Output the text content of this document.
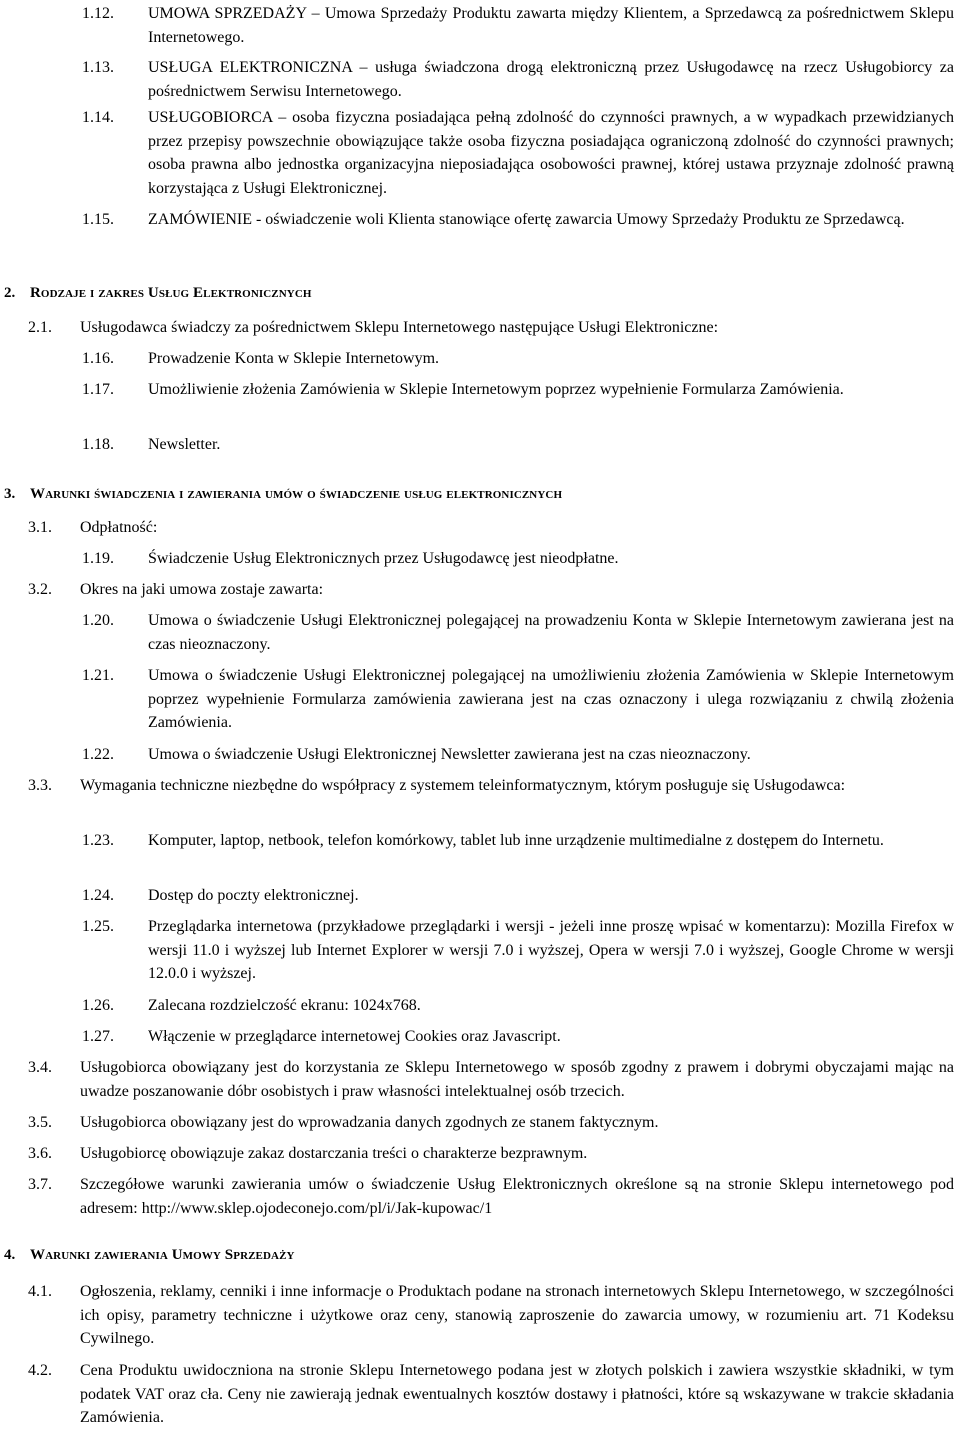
1.12.	UMOWA SPRZEDAŻY – Umowa Sprzedaży Produktu zawarta między Klientem, a Sprzedawcą za pośrednictwem Sklepu Internetowego.
1.13.	USŁUGA ELEKTRONICZNA – usługa świadczona drogą elektroniczną przez Usługodawcę na rzecz Usługobiorcy za pośrednictwem Serwisu Internetowego.
1.14.	USŁUGOBIORCA – osoba fizyczna posiadająca pełną zdolność do czynności prawnych, a w wypadkach przewidzianych przez przepisy powszechnie obowiązujące także osoba fizyczna posiadająca ograniczoną zdolność do czynności prawnych; osoba prawna albo jednostka organizacyjna nieposiadająca osobowości prawnej, której ustawa przyznaje zdolność prawną korzystająca z Usługi Elektronicznej.
1.15.	ZAMÓWIENIE - oświadczenie woli Klienta stanowiące ofertę zawarcia Umowy Sprzedaży Produktu ze Sprzedawcą.
2. Rodzaje i zakres Usług Elektronicznych
2.1.	Usługodawca świadczy za pośrednictwem Sklepu Internetowego następujące Usługi Elektroniczne:
1.16.	Prowadzenie Konta w Sklepie Internetowym.
1.17.	Umożliwienie złożenia Zamówienia w Sklepie Internetowym poprzez wypełnienie Formularza Zamówienia.
1.18.	Newsletter.
3. Warunki świadczenia i zawierania umów o świadczenie usług elektronicznych
3.1.	Odpłatność:
1.19.	Świadczenie Usług Elektronicznych przez Usługodawcę jest nieodpłatne.
3.2.	Okres na jaki umowa zostaje zawarta:
1.20.	Umowa o świadczenie Usługi Elektronicznej polegającej na prowadzeniu Konta w Sklepie Internetowym zawierana jest na czas nieoznaczony.
1.21.	Umowa o świadczenie Usługi Elektronicznej polegającej na umożliwieniu złożenia Zamówienia w Sklepie Internetowym poprzez wypełnienie Formularza zamówienia zawierana jest na czas oznaczony i ulega rozwiązaniu z chwilą złożenia Zamówienia.
1.22.	Umowa o świadczenie Usługi Elektronicznej Newsletter zawierana jest na czas nieoznaczony.
3.3.	Wymagania techniczne niezbędne do współpracy z systemem teleinformatycznym, którym posługuje się Usługodawca:
1.23.	Komputer, laptop, netbook, telefon komórkowy, tablet lub inne urządzenie multimedialne z dostępem do Internetu.
1.24.	Dostęp do poczty elektronicznej.
1.25.	Przeglądarka internetowa (przykładowe przeglądarki i wersji - jeżeli inne proszę wpisać w komentarzu): Mozilla Firefox w wersji 11.0 i wyższej lub Internet Explorer w wersji 7.0 i wyższej, Opera w wersji 7.0 i wyższej, Google Chrome w wersji 12.0.0 i wyższej.
1.26.	Zalecana rozdzielczość ekranu: 1024x768.
1.27.	Włączenie w przeglądarce internetowej Cookies oraz Javascript.
3.4.	Usługobiorca obowiązany jest do korzystania ze Sklepu Internetowego w sposób zgodny z prawem i dobrymi obyczajami mając na uwadze poszanowanie dóbr osobistych i praw własności intelektualnej osób trzecich.
3.5.	Usługobiorca obowiązany jest do wprowadzania danych zgodnych ze stanem faktycznym.
3.6.	Usługobiorcę obowiązuje zakaz dostarczania treści o charakterze bezprawnym.
3.7.	Szczegółowe warunki zawierania umów o świadczenie Usług Elektronicznych określone są na stronie Sklepu internetowego pod adresem: http://www.sklep.ojodeconejo.com/pl/i/Jak-kupowac/1
4. Warunki zawierania Umowy Sprzedaży
4.1.	Ogłoszenia, reklamy, cenniki i inne informacje o Produktach podane na stronach internetowych Sklepu Internetowego, w szczególności ich opisy, parametry techniczne i użytkowe oraz ceny, stanowią zaproszenie do zawarcia umowy, w rozumieniu art. 71 Kodeksu Cywilnego.
4.2.	Cena Produktu uwidoczniona na stronie Sklepu Internetowego podana jest w złotych polskich i zawiera wszystkie składniki, w tym podatek VAT oraz cła. Ceny nie zawierają jednak ewentualnych kosztów dostawy i płatności, które są wskazywane w trakcie składania Zamówienia.
